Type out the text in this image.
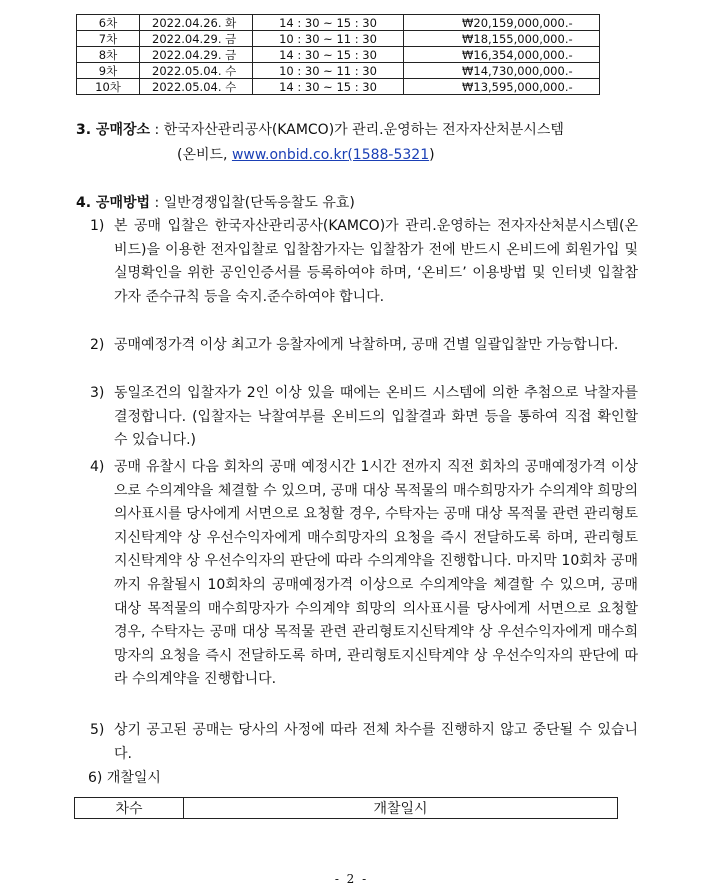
6차	2022.04.26. 화	14 : 30 ~ 15 : 30	₩20,159,000,000.-
7차	2022.04.29. 금	10 : 30 ~ 11 : 30	₩18,155,000,000.-
8차	2022.04.29. 금	14 : 30 ~ 15 : 30	₩16,354,000,000.-
9차	2022.05.04. 수	10 : 30 ~ 11 : 30	₩14,730,000,000.-
10차	2022.05.04. 수	14 : 30 ~ 15 : 30	₩13,595,000,000.-
3. 공매장소 : 한국자산관리공사(KAMCO)가 관리.운영하는 전자자산처분시스템
(온비드, www.onbid.co.kr(1588-5321)
4. 공매방법 : 일반경쟁입찰(단독응찰도 유효)
1) 본 공매 입찰은 한국자산관리공사(KAMCO)가 관리.운영하는 전자자산처분시스템(온비드)을 이용한 전자입찰로 입찰참가자는 입찰참가 전에 반드시 온비드에 회원가입 및 실명확인을 위한 공인인증서를 등록하여야 하며, ‘온비드’ 이용방법 및 인터넷 입찰참가자 준수규칙 등을 숙지.준수하여야 합니다.
2) 공매예정가격 이상 최고가 응찰자에게 낙찰하며, 공매 건별 일괄입찰만 가능합니다.
3) 동일조건의 입찰자가 2인 이상 있을 때에는 온비드 시스템에 의한 추첨으로 낙찰자를 결정합니다. (입찰자는 낙찰여부를 온비드의 입찰결과 화면 등을 통하여 직접 확인할 수 있습니다.)
4) 공매 유찰시 다음 회차의 공매 예정시간 1시간 전까지 직전 회차의 공매예정가격 이상으로 수의계약을 체결할 수 있으며, 공매 대상 목적물의 매수희망자가 수의계약 희망의 의사표시를 당사에게 서면으로 요청할 경우, 수탁자는 공매 대상 목적물 관련 관리형토지신탁계약 상 우선수익자에게 매수희망자의 요청을 즉시 전달하도록 하며, 관리형토지신탁계약 상 우선수익자의 판단에 따라 수의계약을 진행합니다. 마지막 10회차 공매까지 유찰될시 10회차의 공매예정가격 이상으로 수의계약을 체결할 수 있으며, 공매 대상 목적물의 매수희망자가 수의계약 희망의 의사표시를 당사에게 서면으로 요청할 경우, 수탁자는 공매 대상 목적물 관련 관리형토지신탁계약 상 우선수익자에게 매수희망자의 요청을 즉시 전달하도록 하며, 관리형토지신탁계약 상 우선수익자의 판단에 따라 수의계약을 진행합니다.
5) 상기 공고된 공매는 당사의 사정에 따라 전체 차수를 진행하지 않고 중단될 수 있습니다.
6) 개찰일시
차수	개찰일시
- 2 -
